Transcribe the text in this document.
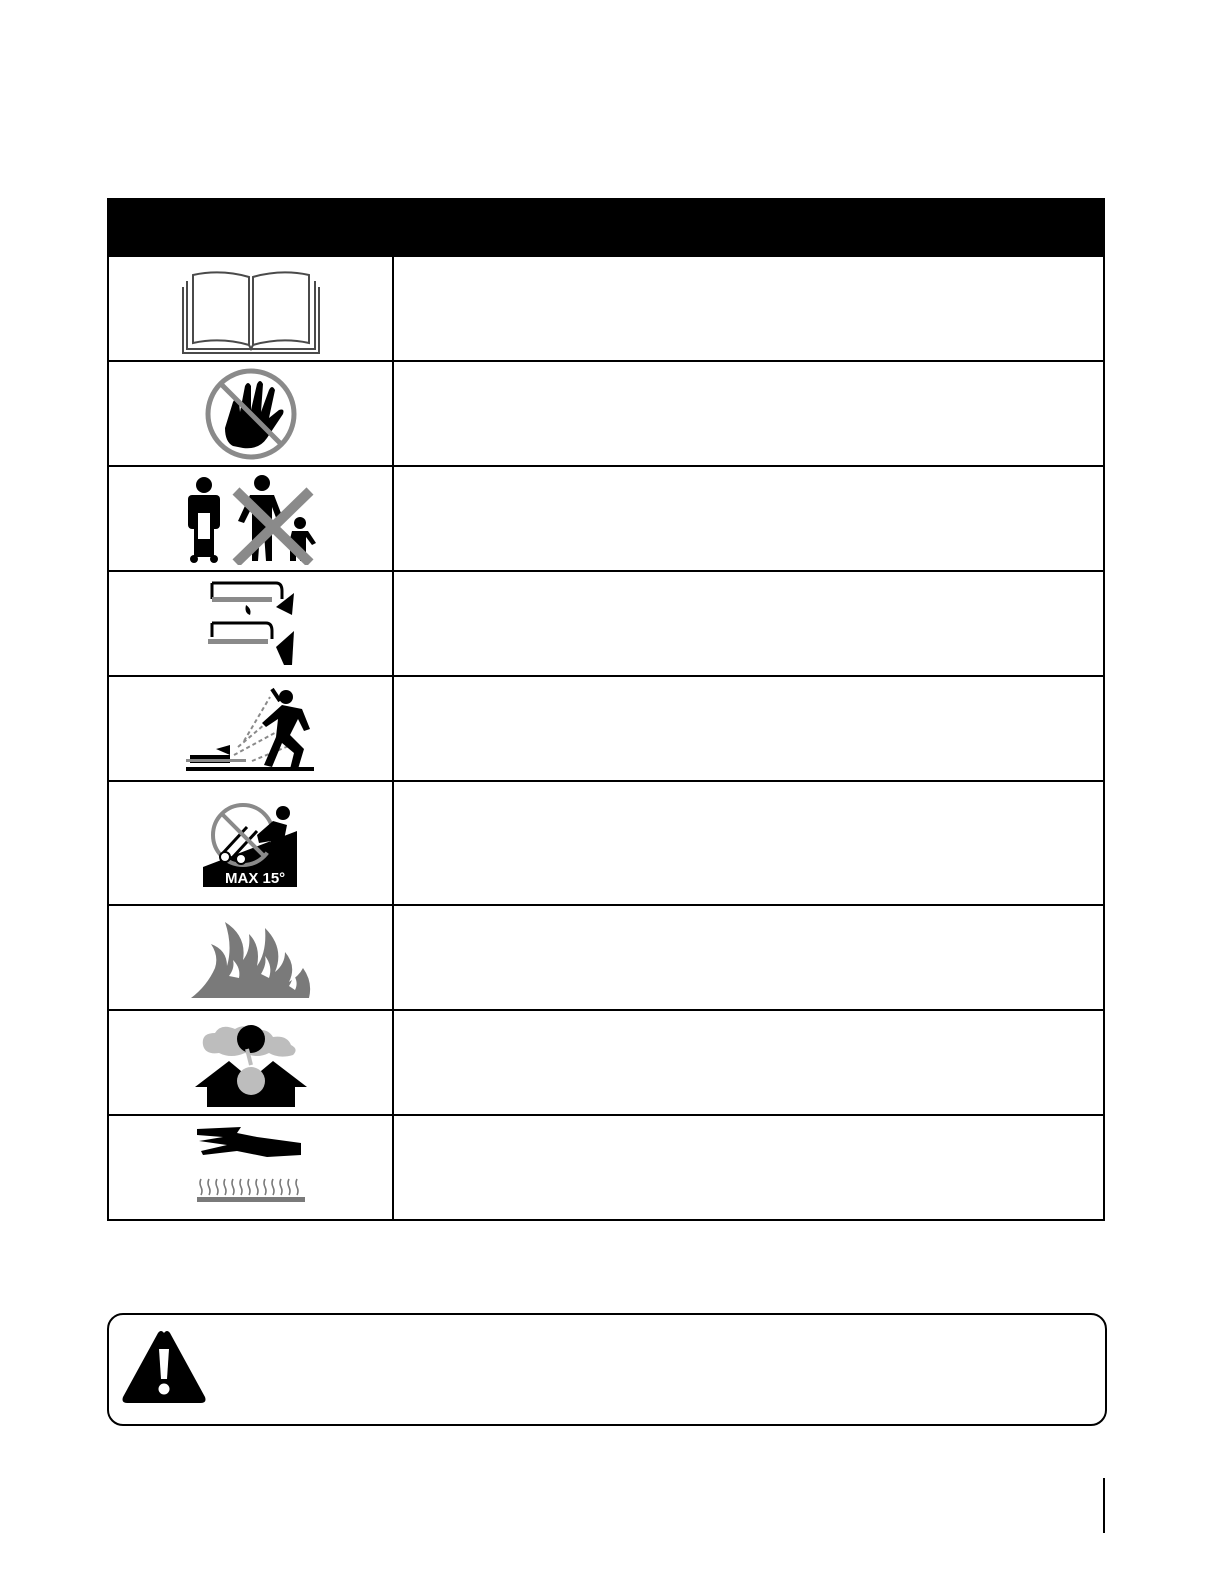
MAX 15°	
